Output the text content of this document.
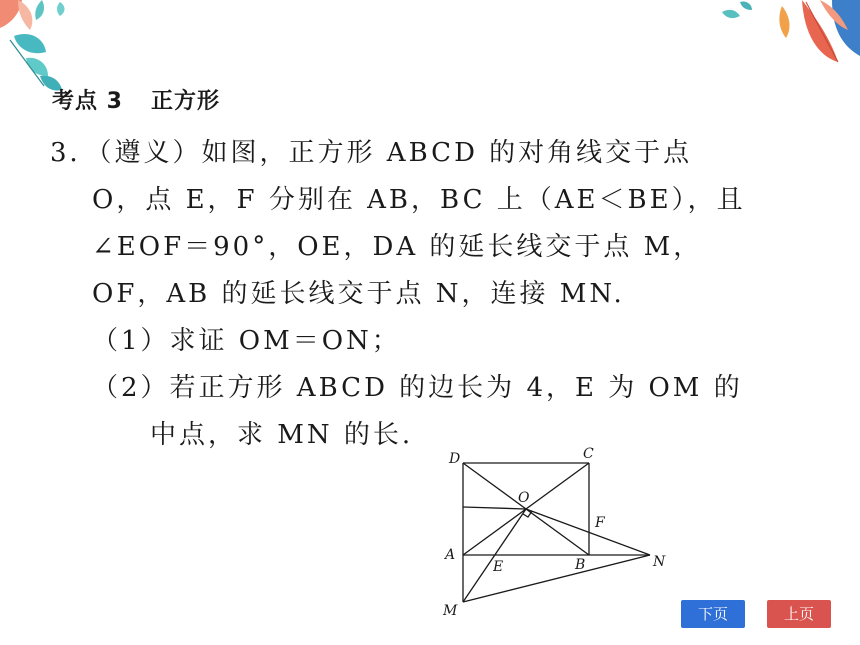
考点 3 正方形
3．（遵义）如图，正方形 ABCD 的对角线交于点
O，点 E，F 分别在 AB，BC 上（AE＜BE），且
∠EOF＝90°，OE，DA 的延长线交于点 M，
OF，AB 的延长线交于点 N，连接 MN.
（1）求证 OM＝ON；
（2）若正方形 ABCD 的边长为 4，E 为 OM 的
中点，求 MN 的长.
D	C
O
F
A
B	N
E
M	下页	上页
